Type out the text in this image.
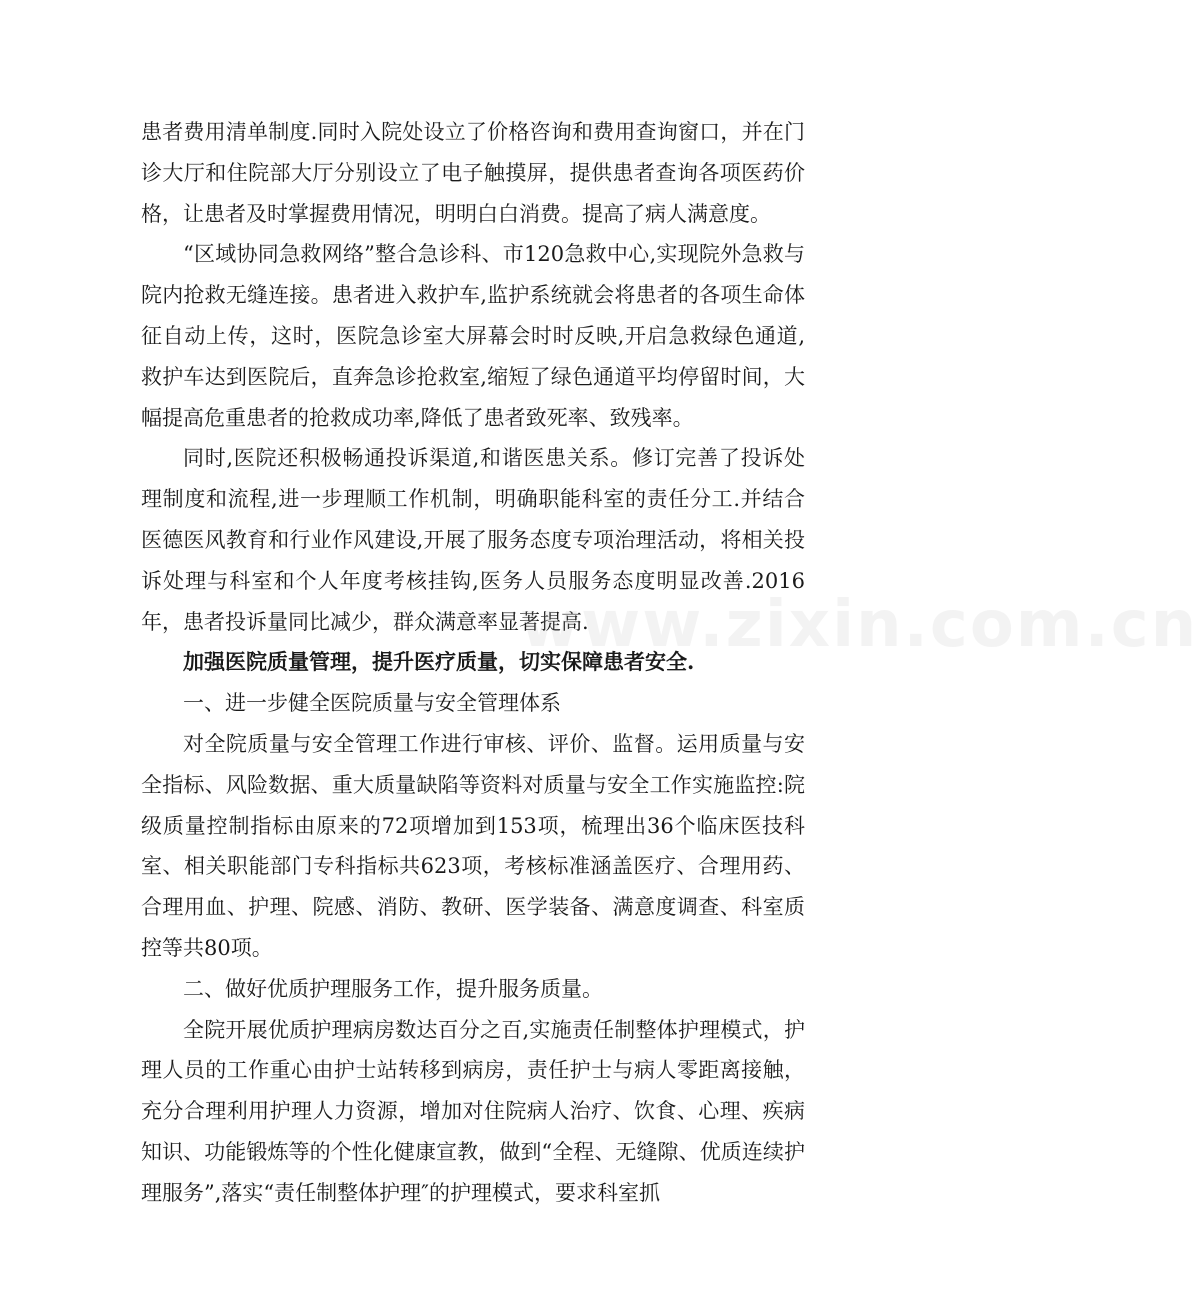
患者费用清单制度.同时入院处设立了价格咨询和费用查询窗口，并在门诊大厅和住院部大厅分别设立了电子触摸屏，提供患者查询各项医药价格，让患者及时掌握费用情况，明明白白消费。提高了病人满意度。

“区域协同急救网络”整合急诊科、市120急救中心,实现院外急救与院内抢救无缝连接。患者进入救护车,监护系统就会将患者的各项生命体征自动上传，这时，医院急诊室大屏幕会时时反映,开启急救绿色通道,救护车达到医院后，直奔急诊抢救室,缩短了绿色通道平均停留时间，大幅提高危重患者的抢救成功率,降低了患者致死率、致残率。

同时,医院还积极畅通投诉渠道,和谐医患关系。修订完善了投诉处理制度和流程,进一步理顺工作机制，明确职能科室的责任分工.并结合医德医风教育和行业作风建设,开展了服务态度专项治理活动，将相关投诉处理与科室和个人年度考核挂钩,医务人员服务态度明显改善.2016年，患者投诉量同比减少，群众满意率显著提高.

加强医院质量管理，提升医疗质量，切实保障患者安全.

一、进一步健全医院质量与安全管理体系

对全院质量与安全管理工作进行审核、评价、监督。运用质量与安全指标、风险数据、重大质量缺陷等资料对质量与安全工作实施监控:院级质量控制指标由原来的72项增加到153项，梳理出36个临床医技科室、相关职能部门专科指标共623项，考核标准涵盖医疗、合理用药、合理用血、护理、院感、消防、教研、医学装备、满意度调查、科室质控等共80项。

二、做好优质护理服务工作，提升服务质量。

全院开展优质护理病房数达百分之百,实施责任制整体护理模式，护理人员的工作重心由护士站转移到病房，责任护士与病人零距离接触，充分合理利用护理人力资源，增加对住院病人治疗、饮食、心理、疾病知识、功能锻炼等的个性化健康宣教，做到“全程、无缝隙、优质连续护理服务”,落实“责任制整体护理″的护理模式，要求科室抓

www.zixin.com.cn
